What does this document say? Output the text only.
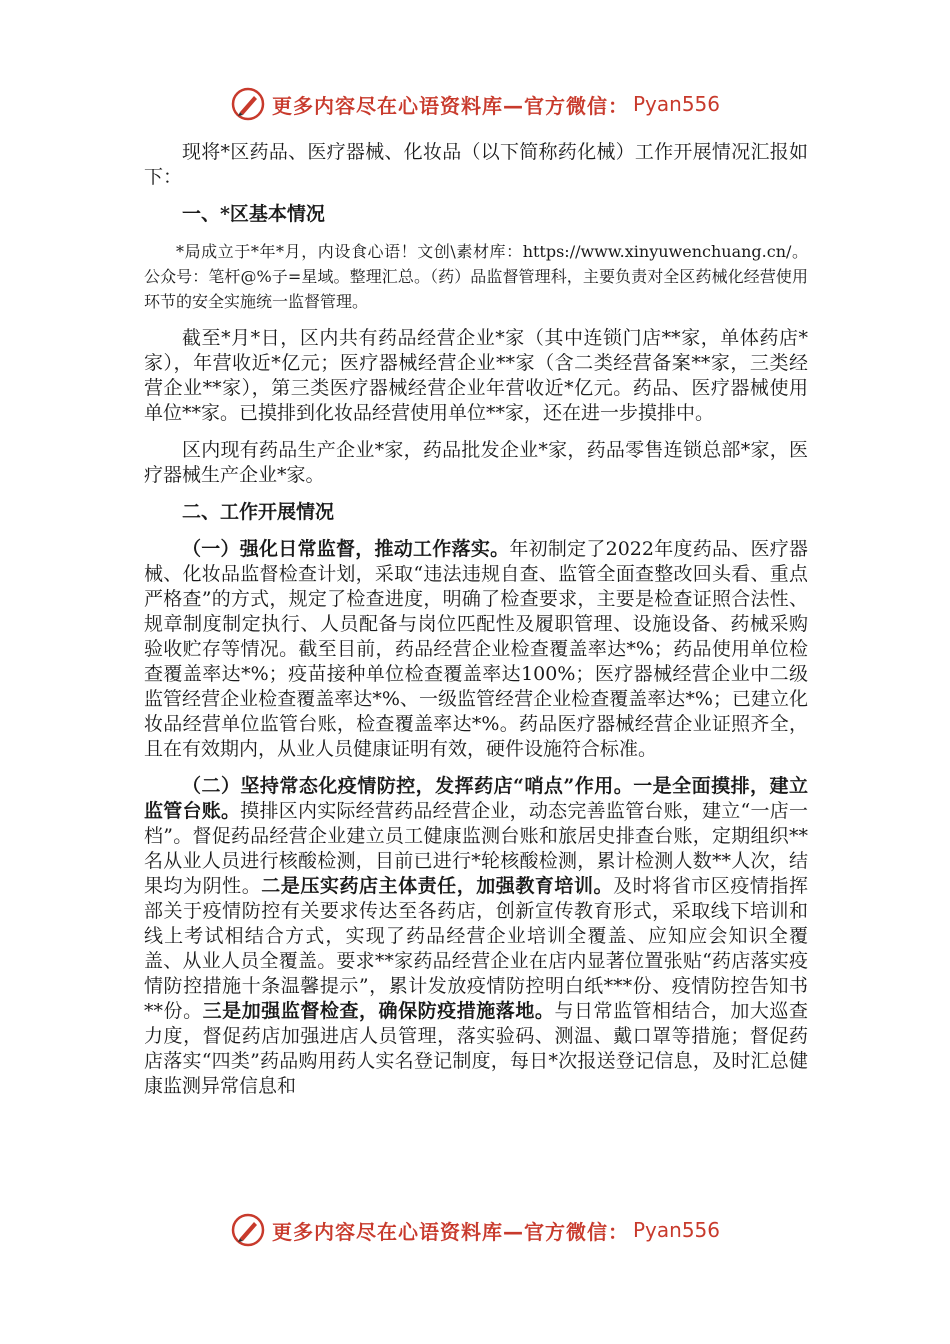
更多内容尽在心语资料库—官方微信： Pyan556

现将*区药品、医疗器械、化妆品（以下简称药化械）工作开展情况汇报如下：

一、*区基本情况

*局成立于*年*月，内设食心语！文创\素材库：https://www.xinyuwenchuang.cn/。公众号：笔杆@%子=星域。整理汇总。（药）品监督管理科，主要负责对全区药械化经营使用环节的安全实施统一监督管理。

截至*月*日，区内共有药品经营企业*家（其中连锁门店**家，单体药店*家），年营收近*亿元；医疗器械经营企业**家（含二类经营备案**家，三类经营企业**家），第三类医疗器械经营企业年营收近*亿元。药品、医疗器械使用单位**家。已摸排到化妆品经营使用单位**家，还在进一步摸排中。

区内现有药品生产企业*家，药品批发企业*家，药品零售连锁总部*家，医疗器械生产企业*家。

二、工作开展情况

（一）强化日常监督，推动工作落实。年初制定了2022年度药品、医疗器械、化妆品监督检查计划，采取“违法违规自查、监管全面查整改回头看、重点严格查”的方式，规定了检查进度，明确了检查要求，主要是检查证照合法性、规章制度制定执行、人员配备与岗位匹配性及履职管理、设施设备、药械采购验收贮存等情况。截至目前，药品经营企业检查覆盖率达*%；药品使用单位检查覆盖率达*%；疫苗接种单位检查覆盖率达100%；医疗器械经营企业中二级监管经营企业检查覆盖率达*%、一级监管经营企业检查覆盖率达*%；已建立化妆品经营单位监管台账，检查覆盖率达*%。药品医疗器械经营企业证照齐全，且在有效期内，从业人员健康证明有效，硬件设施符合标准。

（二）坚持常态化疫情防控，发挥药店“哨点”作用。一是全面摸排，建立监管台账。摸排区内实际经营药品经营企业，动态完善监管台账，建立“一店一档”。督促药品经营企业建立员工健康监测台账和旅居史排查台账，定期组织**名从业人员进行核酸检测，目前已进行*轮核酸检测，累计检测人数**人次，结果均为阴性。二是压实药店主体责任，加强教育培训。及时将省市区疫情指挥部关于疫情防控有关要求传达至各药店，创新宣传教育形式，采取线下培训和线上考试相结合方式，实现了药品经营企业培训全覆盖、应知应会知识全覆盖、从业人员全覆盖。要求**家药品经营企业在店内显著位置张贴“药店落实疫情防控措施十条温馨提示”，累计发放疫情防控明白纸***份、疫情防控告知书**份。三是加强监督检查，确保防疫措施落地。与日常监管相结合，加大巡查力度，督促药店加强进店人员管理，落实验码、测温、戴口罩等措施；督促药店落实“四类”药品购用药人实名登记制度，每日*次报送登记信息，及时汇总健康监测异常信息和

更多内容尽在心语资料库—官方微信： Pyan556
